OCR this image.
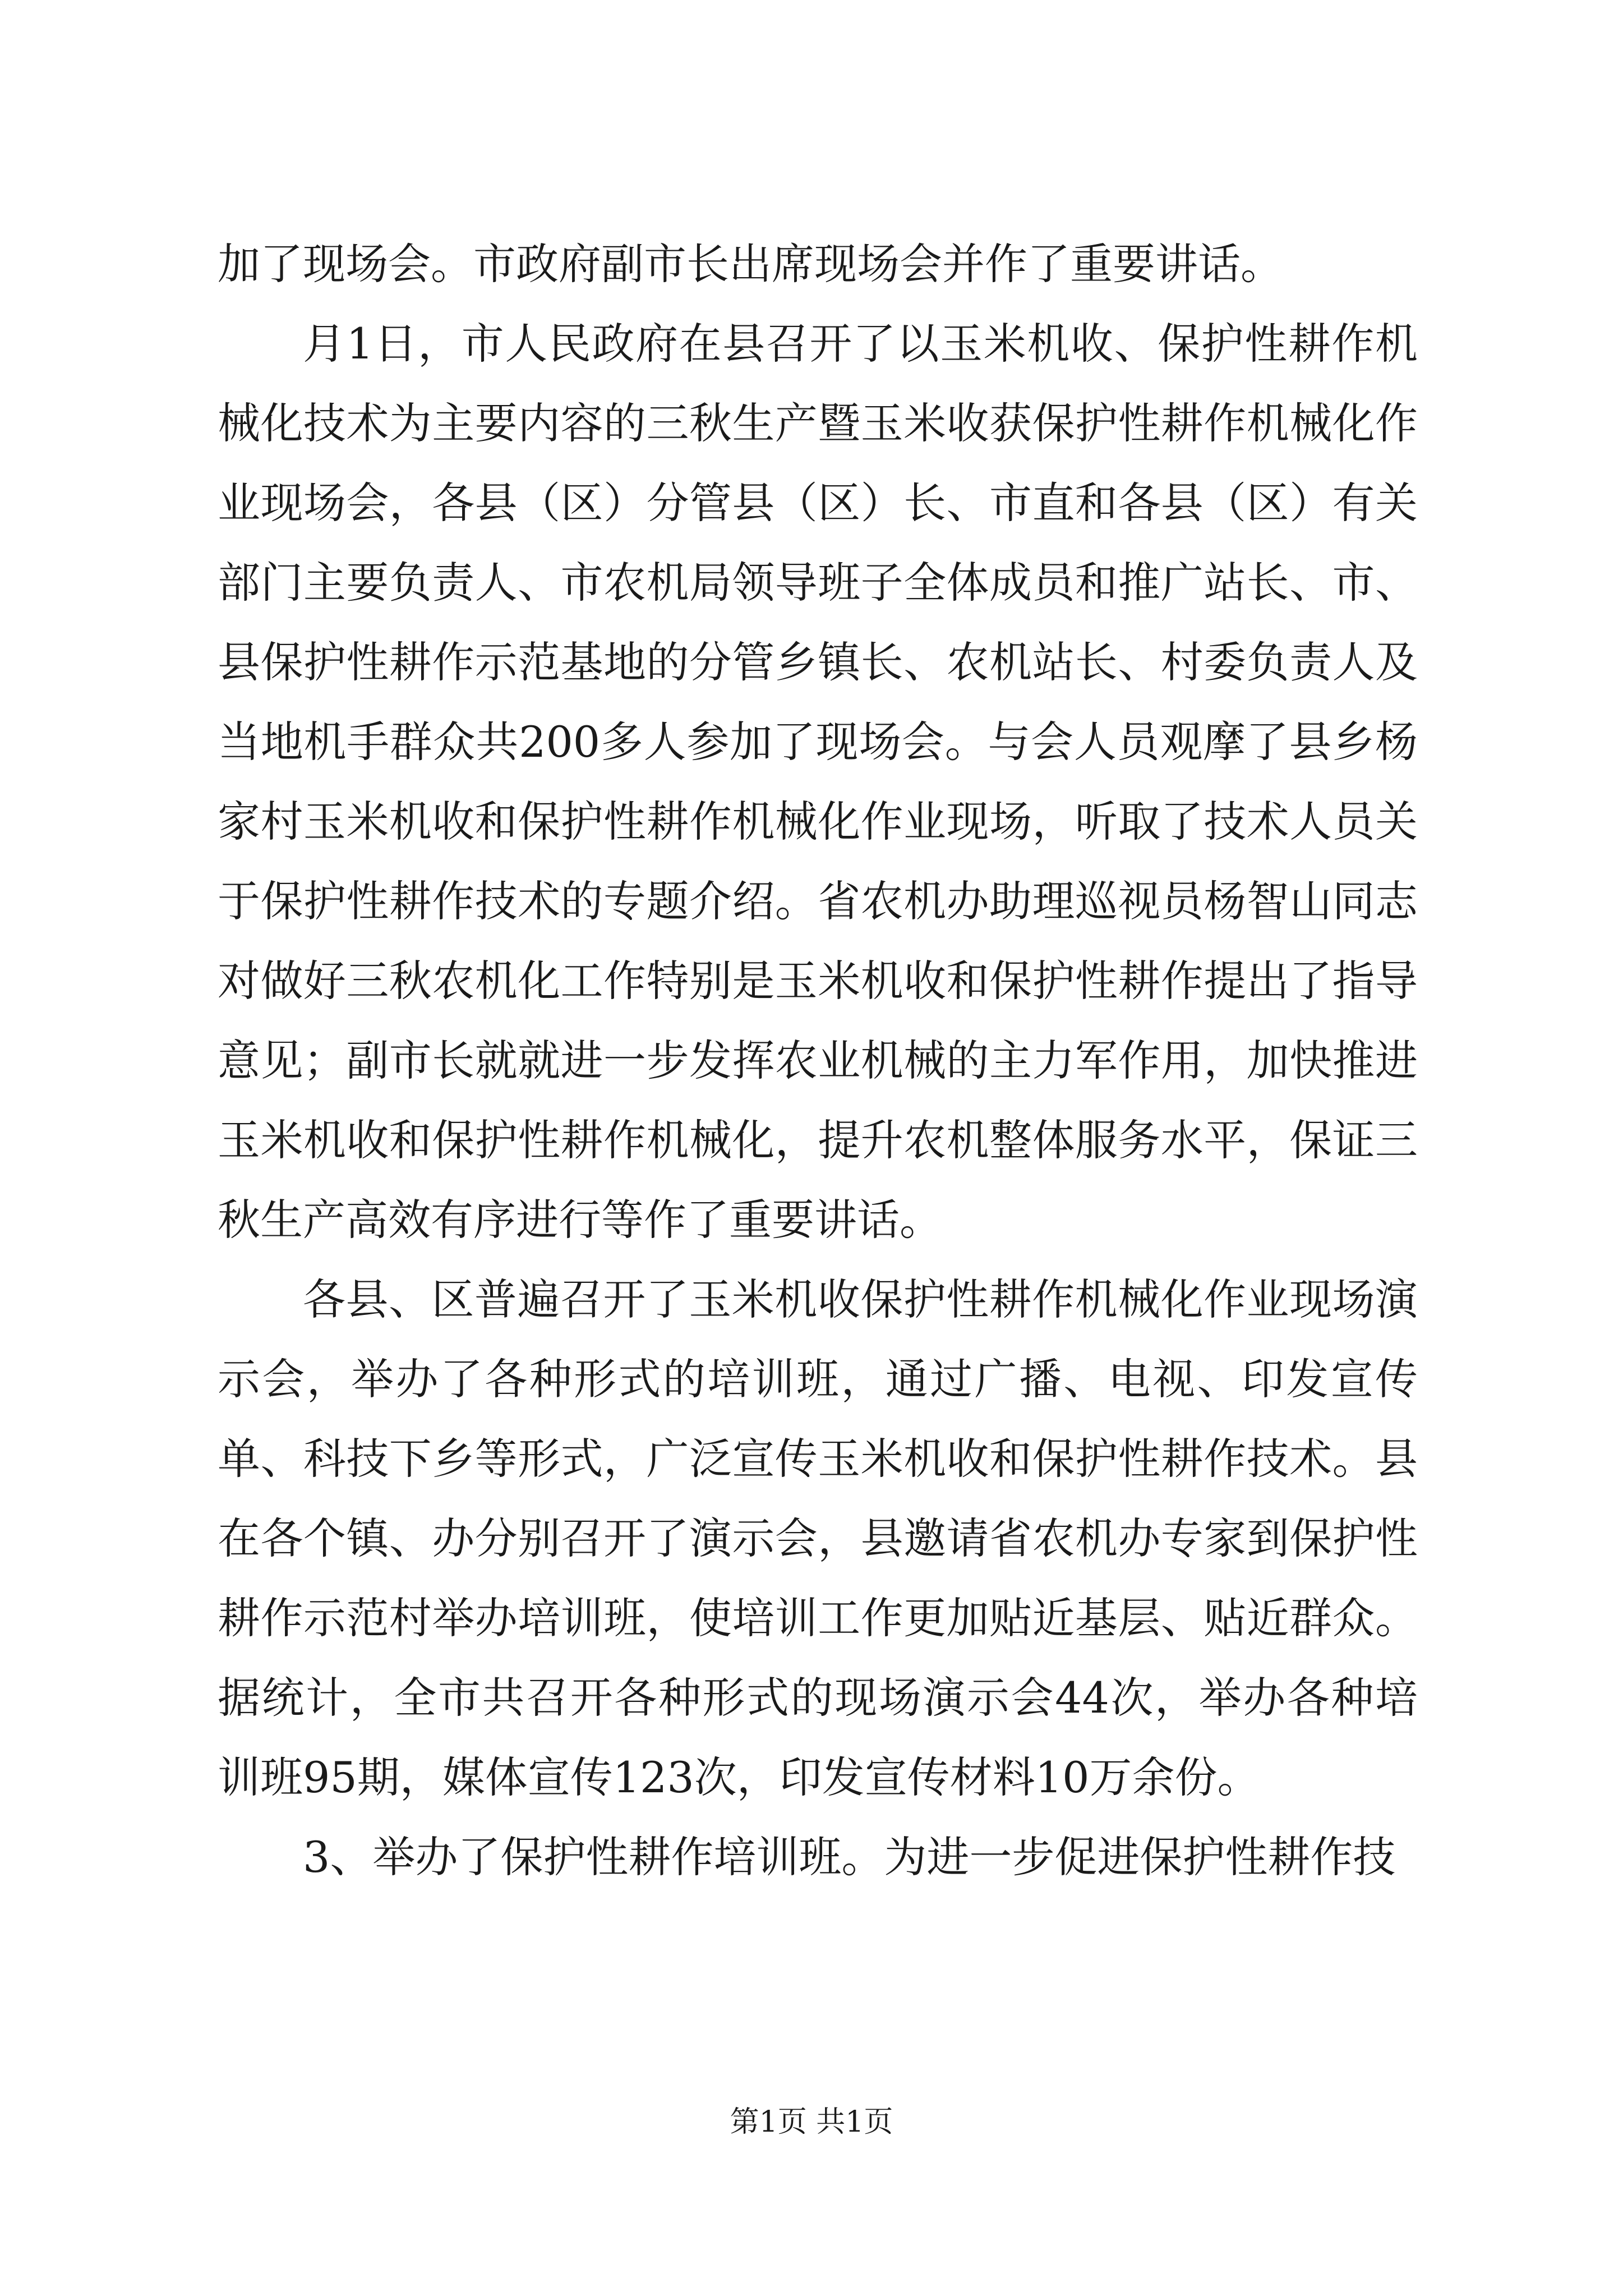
加了现场会。市政府副市长出席现场会并作了重要讲话。

月1日，市人民政府在县召开了以玉米机收、保护性耕作机械化技术为主要内容的三秋生产暨玉米收获保护性耕作机械化作业现场会，各县（区）分管县（区）长、市直和各县（区）有关部门主要负责人、市农机局领导班子全体成员和推广站长、市、县保护性耕作示范基地的分管乡镇长、农机站长、村委负责人及当地机手群众共200多人参加了现场会。与会人员观摩了县乡杨家村玉米机收和保护性耕作机械化作业现场，听取了技术人员关于保护性耕作技术的专题介绍。省农机办助理巡视员杨智山同志对做好三秋农机化工作特别是玉米机收和保护性耕作提出了指导意见；副市长就就进一步发挥农业机械的主力军作用，加快推进玉米机收和保护性耕作机械化，提升农机整体服务水平，保证三秋生产高效有序进行等作了重要讲话。

各县、区普遍召开了玉米机收保护性耕作机械化作业现场演示会，举办了各种形式的培训班，通过广播、电视、印发宣传单、科技下乡等形式，广泛宣传玉米机收和保护性耕作技术。县在各个镇、办分别召开了演示会，县邀请省农机办专家到保护性耕作示范村举办培训班，使培训工作更加贴近基层、贴近群众。据统计，全市共召开各种形式的现场演示会44次，举办各种培训班95期，媒体宣传123次，印发宣传材料10万余份。

3、举办了保护性耕作培训班。为进一步促进保护性耕作技

第1页 共1页
